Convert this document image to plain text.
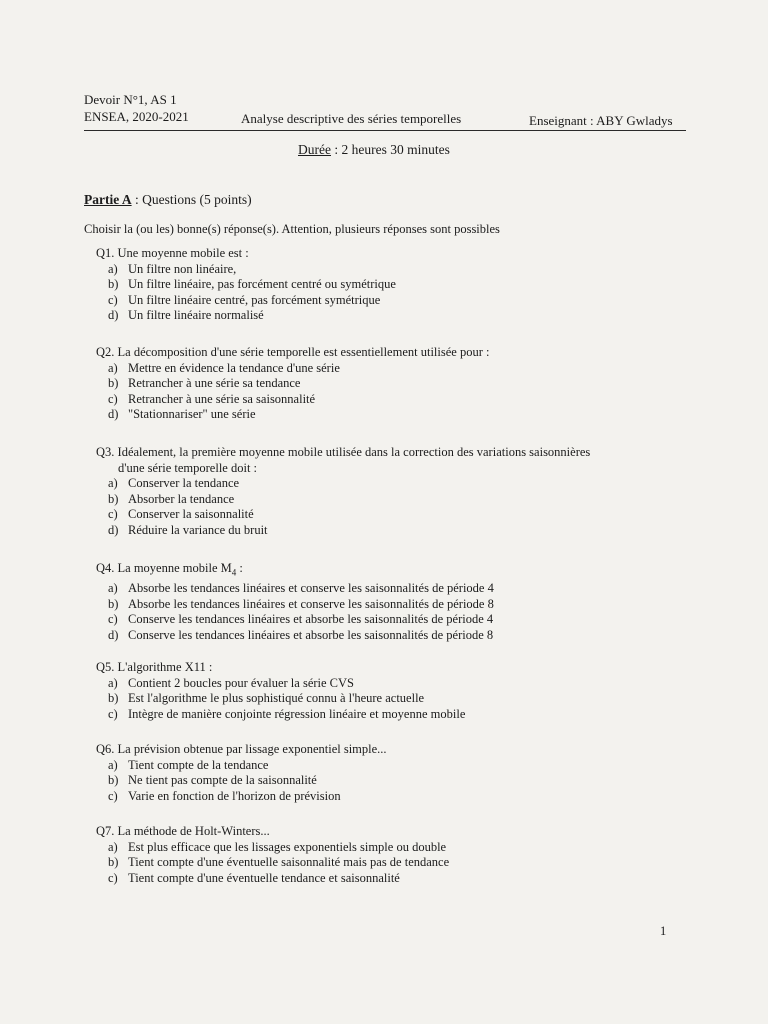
Devoir N°1, AS 1
ENSEA, 2020-2021	Analyse descriptive des séries temporelles	Enseignant : ABY Gwladys
Durée : 2 heures 30 minutes
Partie A : Questions (5 points)
Choisir la (ou les) bonne(s) réponse(s). Attention, plusieurs réponses sont possibles
Q1. Une moyenne mobile est :
a) Un filtre non linéaire,
b) Un filtre linéaire, pas forcément centré ou symétrique
c) Un filtre linéaire centré, pas forcément symétrique
d) Un filtre linéaire normalisé
Q2. La décomposition d'une série temporelle est essentiellement utilisée pour :
a) Mettre en évidence la tendance d'une série
b) Retrancher à une série sa tendance
c) Retrancher à une série sa saisonnalité
d) "Stationnariser" une série
Q3. Idéalement, la première moyenne mobile utilisée dans la correction des variations saisonnières
d'une série temporelle doit :
a) Conserver la tendance
b) Absorber la tendance
c) Conserver la saisonnalité
d) Réduire la variance du bruit
Q4. La moyenne mobile $M_4$ :
a) Absorbe les tendances linéaires et conserve les saisonnalités de période 4
b) Absorbe les tendances linéaires et conserve les saisonnalités de période 8
c) Conserve les tendances linéaires et absorbe les saisonnalités de période 4
d) Conserve les tendances linéaires et absorbe les saisonnalités de période 8
Q5. L'algorithme X11 :
a) Contient 2 boucles pour évaluer la série CVS
b) Est l'algorithme le plus sophistiqué connu à l'heure actuelle
c) Intègre de manière conjointe régression linéaire et moyenne mobile
Q6. La prévision obtenue par lissage exponentiel simple...
a) Tient compte de la tendance
b) Ne tient pas compte de la saisonnalité
c) Varie en fonction de l'horizon de prévision
Q7. La méthode de Holt-Winters...
a) Est plus efficace que les lissages exponentiels simple ou double
b) Tient compte d'une éventuelle saisonnalité mais pas de tendance
c) Tient compte d'une éventuelle tendance et saisonnalité
1
